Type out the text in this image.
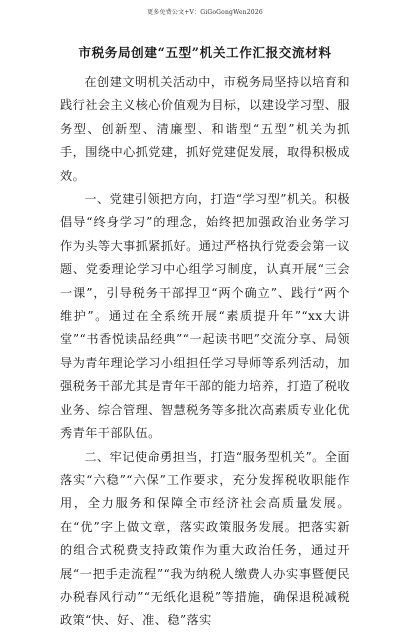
更多免费公文+V：GiGoGongWen2026
市税务局创建“五型”机关工作汇报交流材料

在创建文明机关活动中，市税务局坚持以培育和践行社会主义核心价值观为目标，以建设学习型、服务型、创新型、清廉型、和谐型“五型”机关为抓手，围绕中心抓党建，抓好党建促发展，取得积极成效。

一、党建引领把方向，打造“学习型”机关。积极倡导“终身学习”的理念，始终把加强政治业务学习作为头等大事抓紧抓好。通过严格执行党委会第一议题、党委理论学习中心组学习制度，认真开展“三会一课”，引导税务干部捍卫“两个确立”、践行“两个维护”。通过在全系统开展“素质提升年”“xx大讲堂”“书香悦读品经典”“一起读书吧”交流分享、局领导为青年理论学习小组担任学习导师等系列活动，加强税务干部尤其是青年干部的能力培养，打造了税收业务、综合管理、智慧税务等多批次高素质专业化优秀青年干部队伍。

二、牢记使命勇担当，打造“服务型机关”。全面落实“六稳”“六保”工作要求，充分发挥税收职能作用，全力服务和保障全市经济社会高质量发展。在“优”字上做文章，落实政策服务发展。把落实新的组合式税费支持政策作为重大政治任务，通过开展“一把手走流程”“我为纳税人缴费人办实事暨便民办税春风行动”“无纸化退税”等措施，确保退税减税政策“快、好、准、稳”落实
